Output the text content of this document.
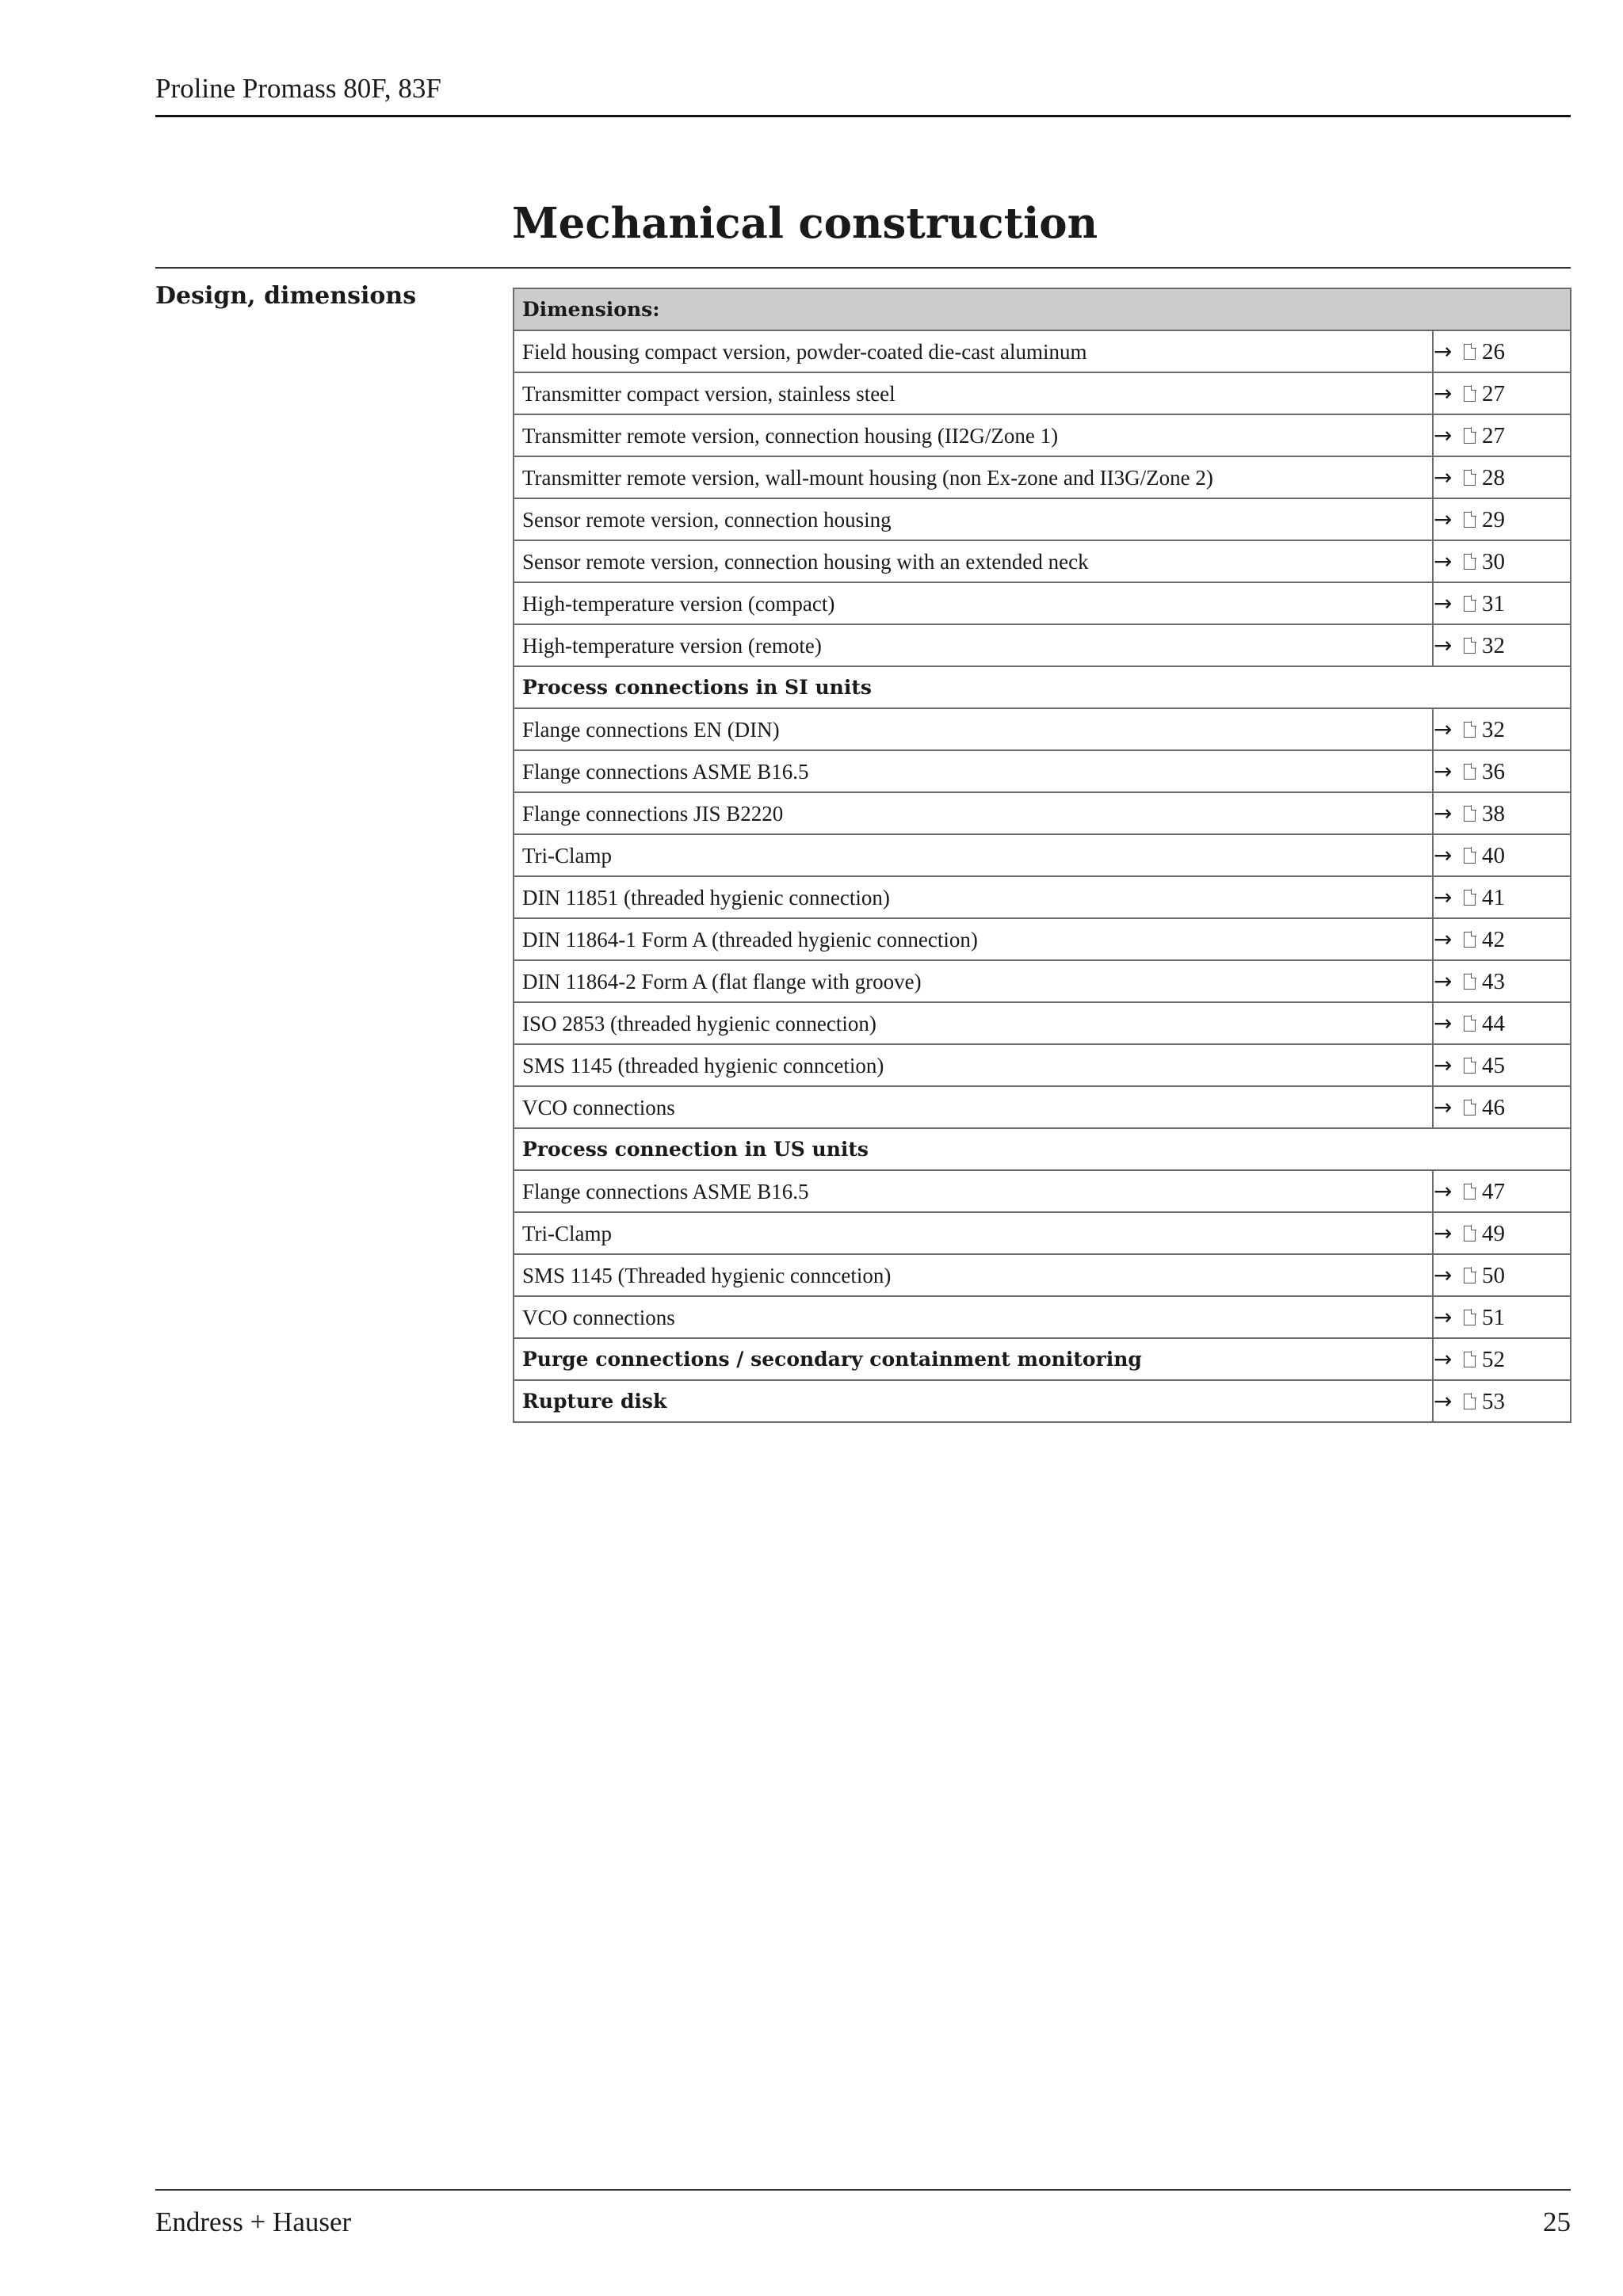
Proline Promass 80F, 83F
Mechanical construction
Design, dimensions	Dimensions:	
Field housing compact version, powder-coated die-cast aluminum	→ 26
Transmitter compact version, stainless steel	→ 27
Transmitter remote version, connection housing (II2G/Zone 1)	→ 27
Transmitter remote version, wall-mount housing (non Ex-zone and II3G/Zone 2)	→ 28
Sensor remote version, connection housing	→ 29
Sensor remote version, connection housing with an extended neck	→ 30
High-temperature version (compact)	→ 31
High-temperature version (remote)	→ 32
Process connections in SI units	
Flange connections EN (DIN)	→ 32
Flange connections ASME B16.5	→ 36
Flange connections JIS B2220	→ 38
Tri-Clamp	→ 40
DIN 11851 (threaded hygienic connection)	→ 41
DIN 11864-1 Form A (threaded hygienic connection)	→ 42
DIN 11864-2 Form A (flat flange with groove)	→ 43
ISO 2853 (threaded hygienic connection)	→ 44
SMS 1145 (threaded hygienic conncetion)	→ 45
VCO connections	→ 46
Process connection in US units	
Flange connections ASME B16.5	→ 47
Tri-Clamp	→ 49
SMS 1145 (Threaded hygienic conncetion)	→ 50
VCO connections	→ 51
Purge connections / secondary containment monitoring	→ 52
Rupture disk	→ 53
Endress + Hauser	25
